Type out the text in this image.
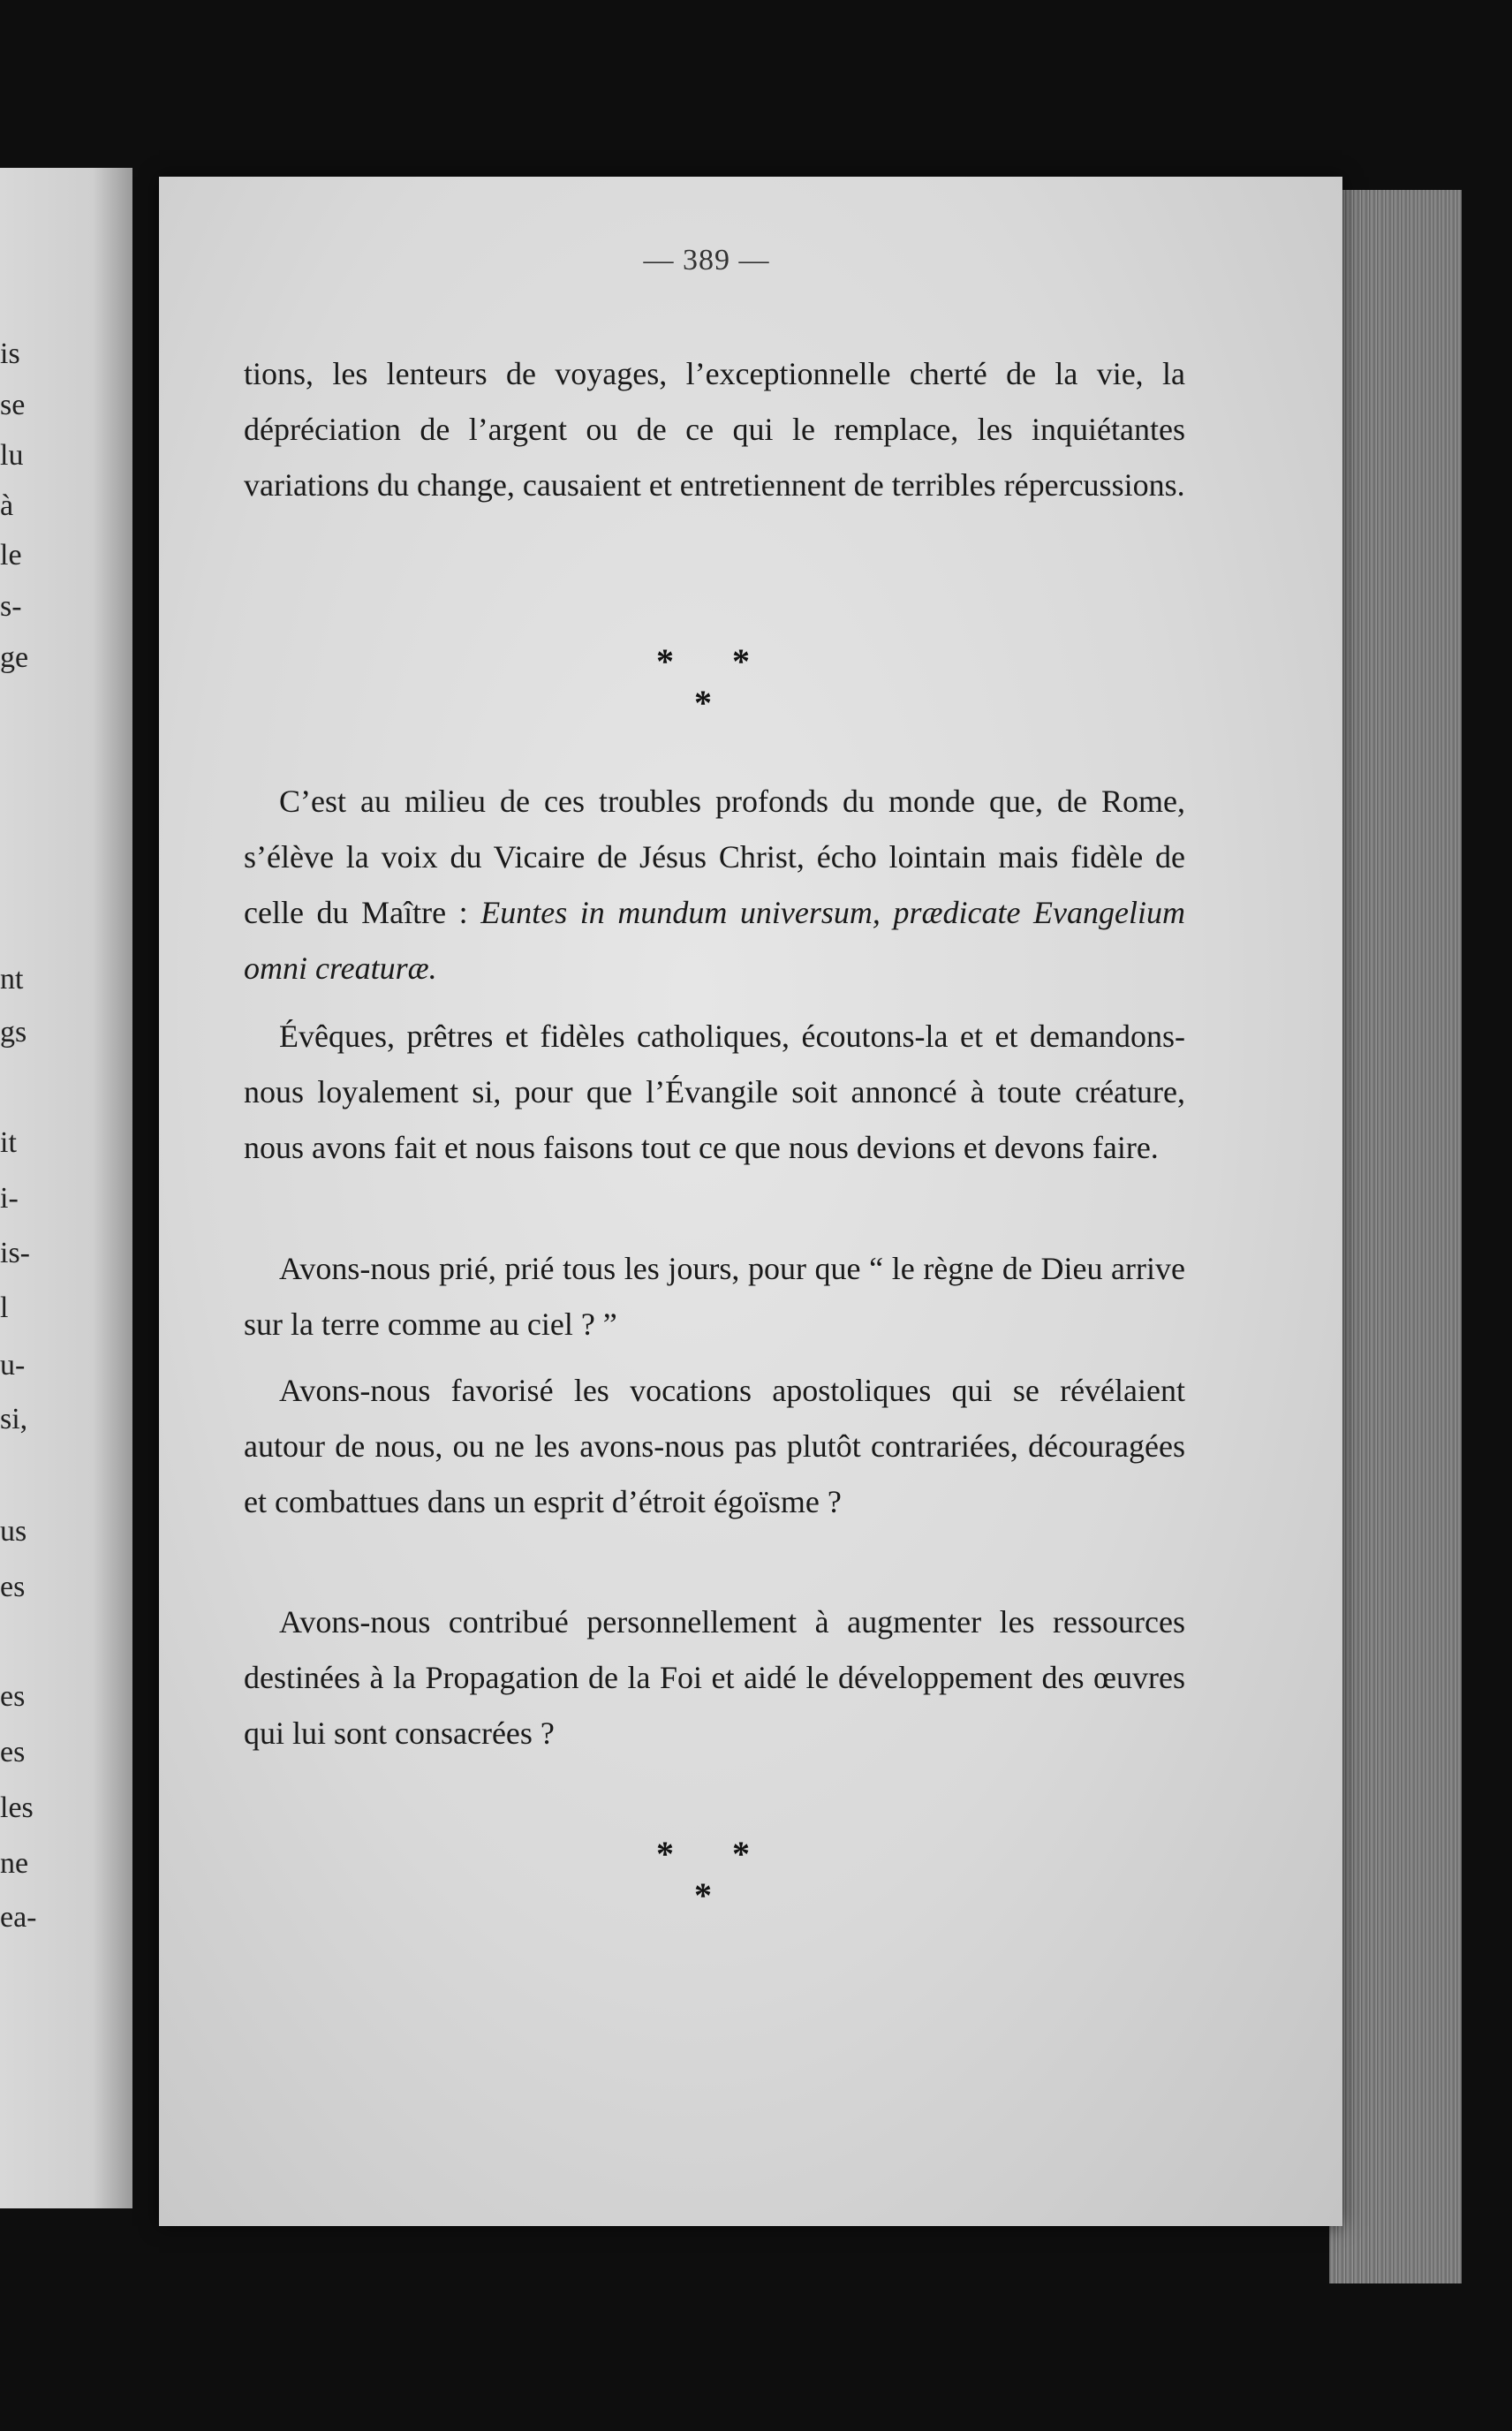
is
se
lu
à
le
s-
ge
nt
gs
it
i-
is-
l
u-
si,
us
es
es
es
les
ne
ea-
— 389 —

tions, les lenteurs de voyages, l’exceptionnelle cherté de la vie, la dépréciation de l’argent ou de ce qui le remplace, les inquiétantes variations du change, causaient et entretiennent de terribles répercussions.

* * *

C’est au milieu de ces troubles profonds du monde que, de Rome, s’élève la voix du Vicaire de Jésus Christ, écho lointain mais fidèle de celle du Maître : Euntes in mundum universum, prædicate Evangelium omni creaturæ.

Évêques, prêtres et fidèles catholiques, écoutons-la et et demandons-nous loyalement si, pour que l’Évangile soit annoncé à toute créature, nous avons fait et nous faisons tout ce que nous devions et devons faire.

Avons-nous prié, prié tous les jours, pour que “ le règne de Dieu arrive sur la terre comme au ciel ? ”

Avons-nous favorisé les vocations apostoliques qui se révélaient autour de nous, ou ne les avons-nous pas plutôt contrariées, découragées et combattues dans un esprit d’étroit égoïsme ?

Avons-nous contribué personnellement à augmenter les ressources destinées à la Propagation de la Foi et aidé le développement des œuvres qui lui sont consacrées ?

* * *
